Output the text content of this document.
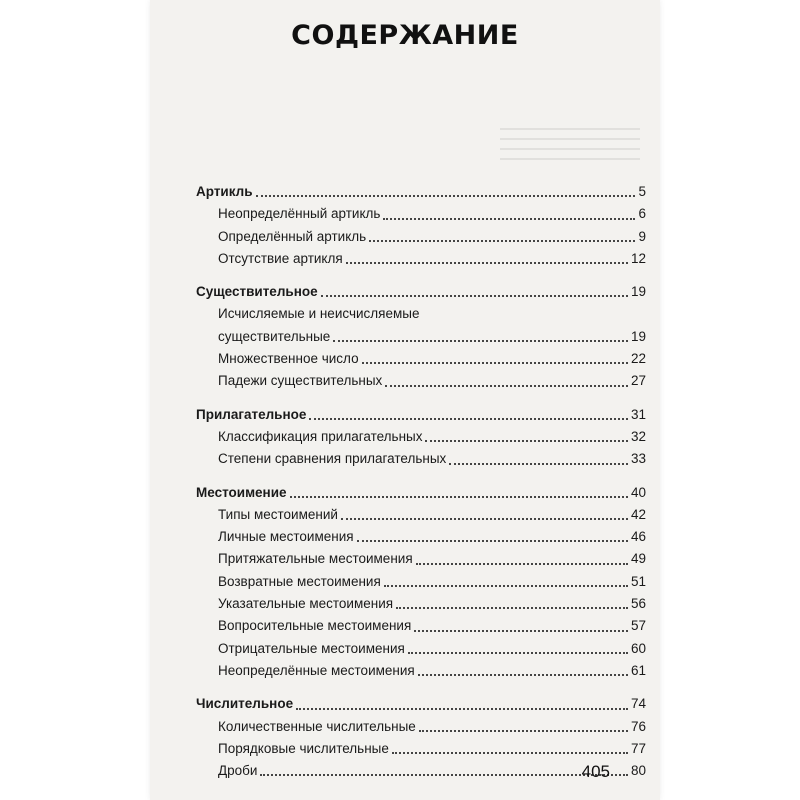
СОДЕРЖАНИЕ
Артикль	5
Неопределённый артикль	6
Определённый артикль	9
Отсутствие артикля	12
Существительное	19
Исчисляемые и неисчисляемые
существительные	19
Множественное число	22
Падежи существительных	27
Прилагательное	31
Классификация прилагательных	32
Степени сравнения прилагательных	33
Местоимение	40
Типы местоимений	42
Личные местоимения	46
Притяжательные местоимения	49
Возвратные местоимения	51
Указательные местоимения	56
Вопросительные местоимения	57
Отрицательные местоимения	60
Неопределённые местоимения	61
Числительное	74
Количественные числительные	76
Порядковые числительные	77
Дроби	80
405
